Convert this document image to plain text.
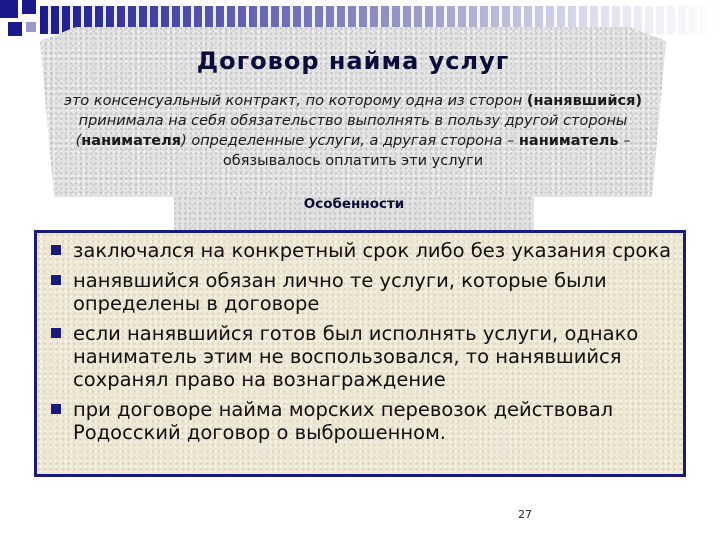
Договор найма услуг
это консенсуальный контракт, по которому одна из сторон (нанявшийся) принимала на себя обязательство выполнять в пользу другой стороны (нанимателя) определенные услуги, а другая сторона – наниматель – обязывалось оплатить эти услуги
Особенности
заключался на конкретный срок либо без указания срока
нанявшийся обязан лично те услуги, которые были определены в договоре
если нанявшийся готов был исполнять услуги, однако наниматель этим не воспользовался, то нанявшийся сохранял право на вознаграждение
при договоре найма морских перевозок действовал Родосский договор о выброшенном.
27
